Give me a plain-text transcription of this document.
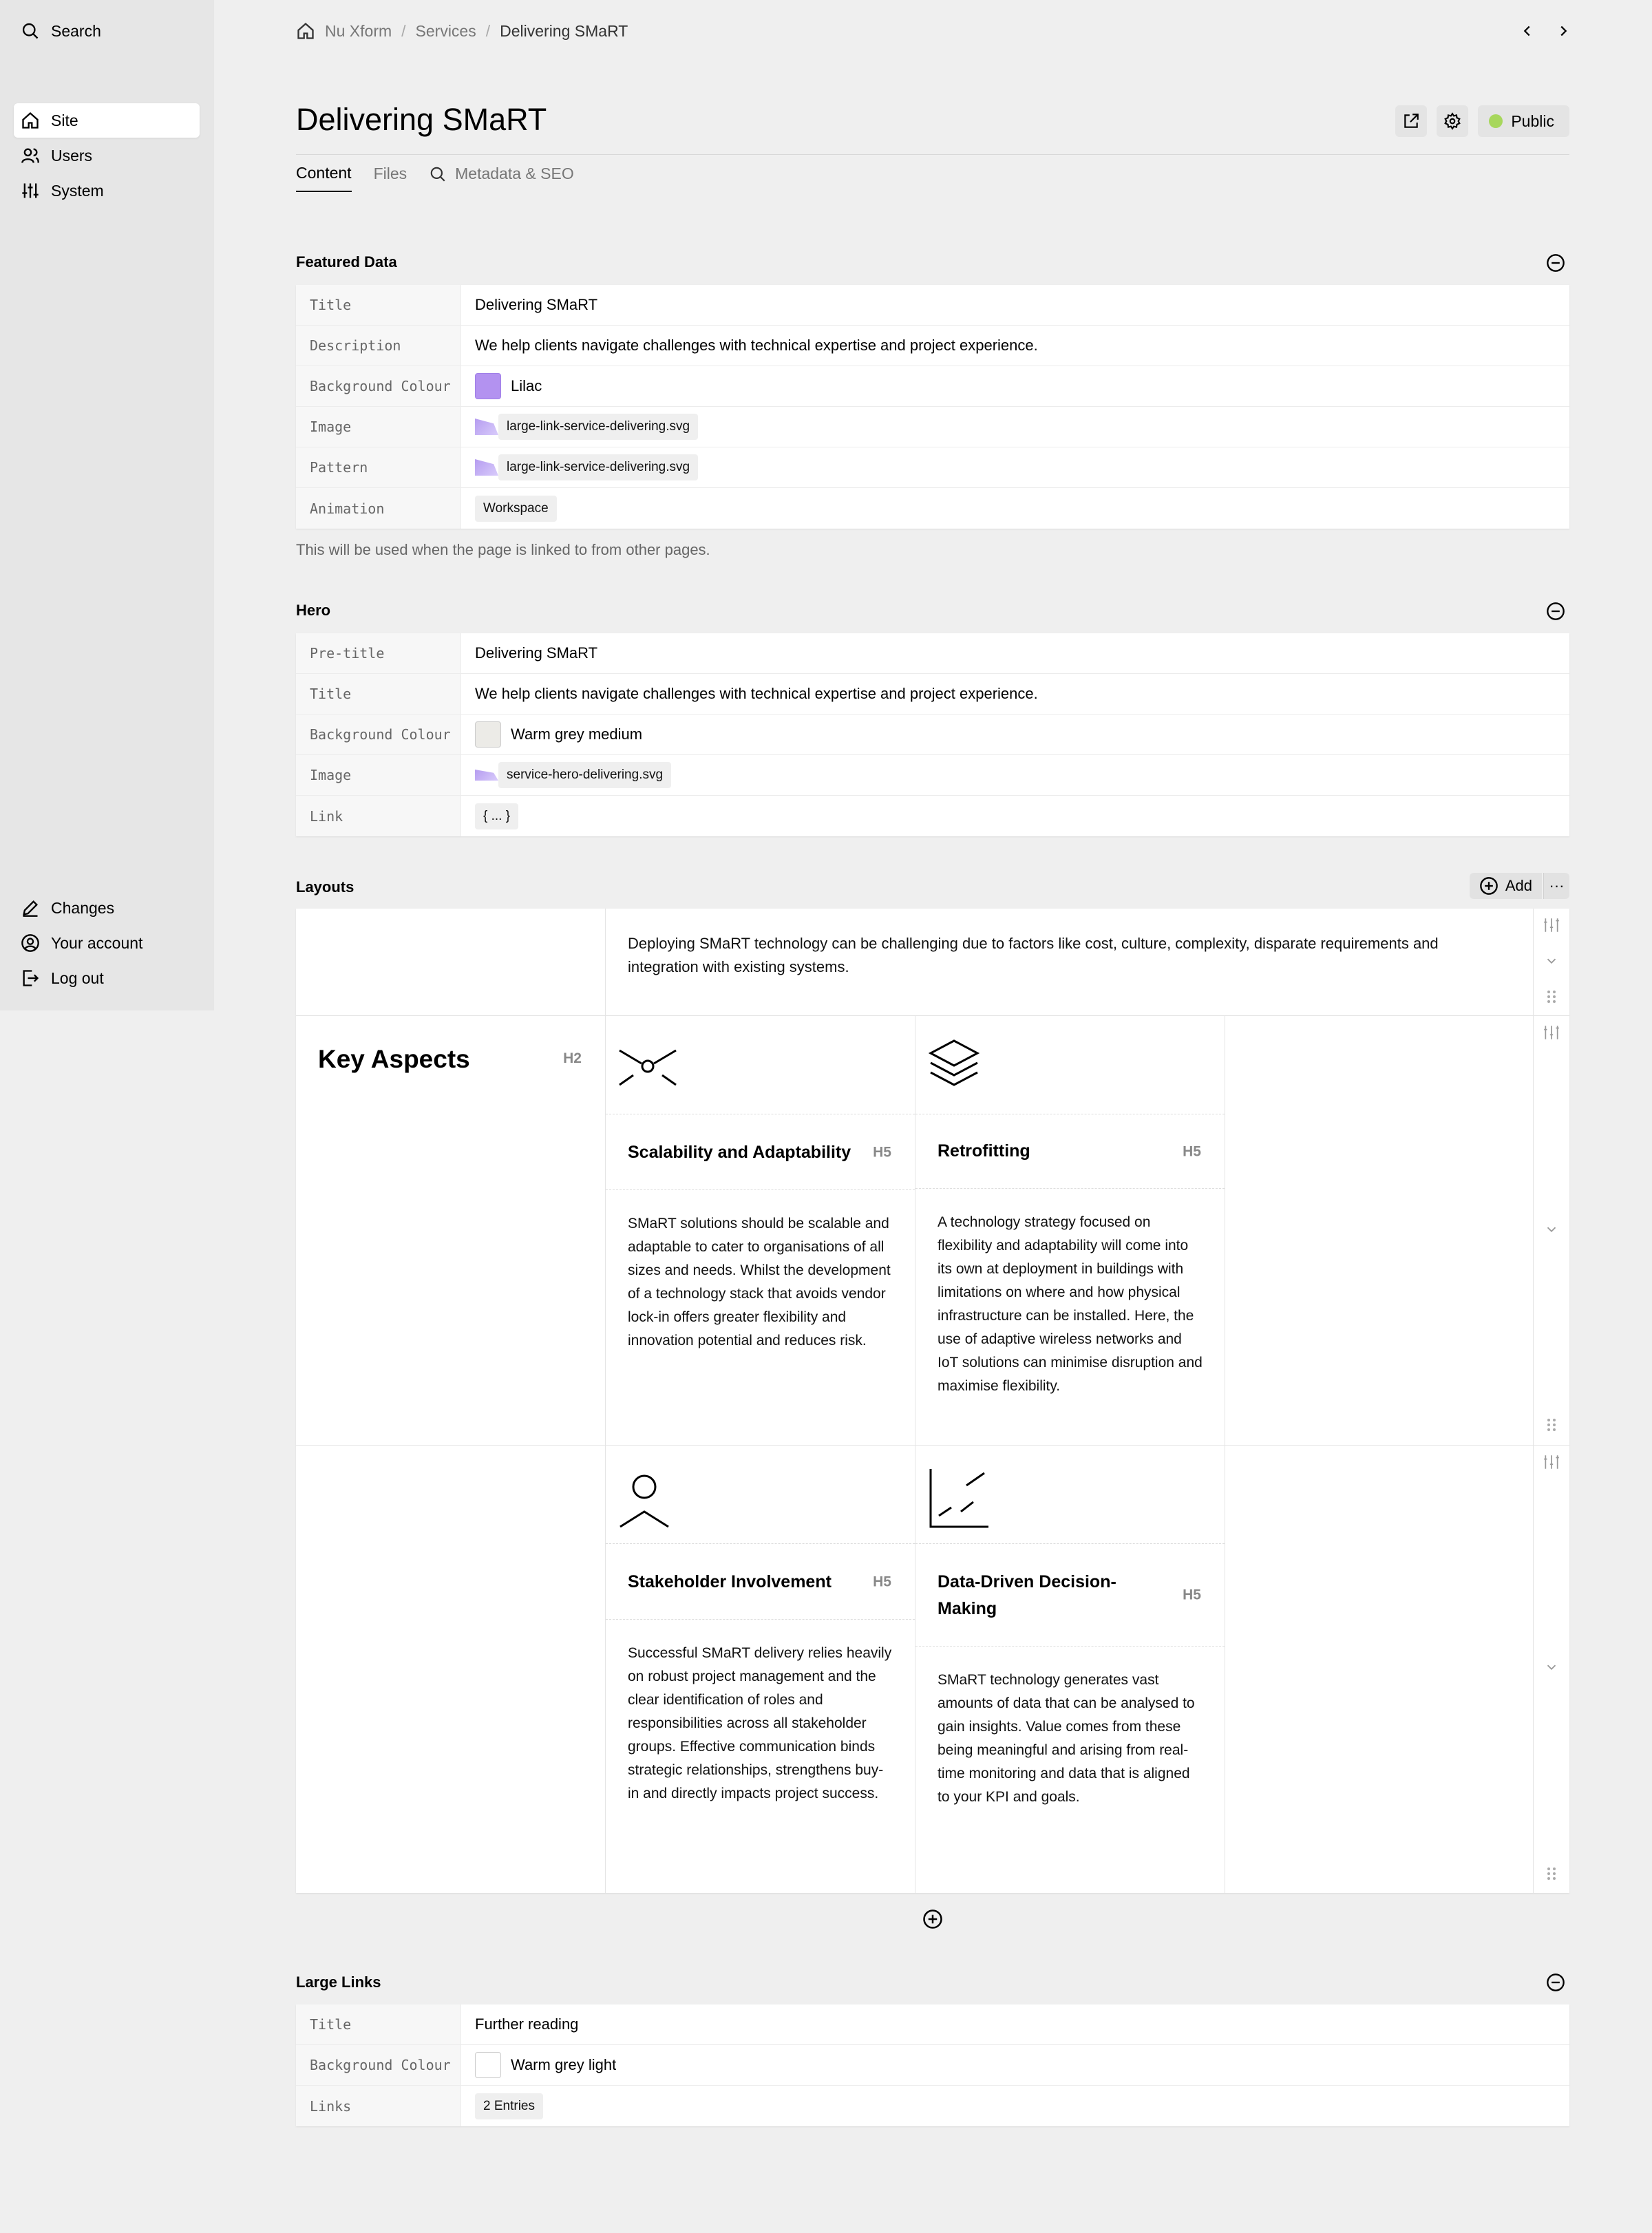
Search
Site
Users
System
Changes
Your account
Log out
Nu Xform / Services / Delivering SMaRT
Delivering SMaRT	Public
Content Files	Metadata & SEO
Featured Data
Title	Delivering SMaRT
Description	We help clients navigate challenges with technical expertise and project experience.
Background Colour	Lilac
Image	large-link-service-delivering.svg
Pattern	large-link-service-delivering.svg
Animation	Workspace
This will be used when the page is linked to from other pages.
Hero
Pre-title	Delivering SMaRT
Title	We help clients navigate challenges with technical expertise and project experience.
Background Colour	Warm grey medium
Image	service-hero-delivering.svg
Link	{ ... }
Layouts	Add ···
Deploying SMaRT technology can be challenging due to factors like cost, culture, complexity, disparate requirements and integration with existing systems.
Key Aspects	H2
Scalability and Adaptability H5
SMaRT solutions should be scalable and adaptable to cater to organisations of all sizes and needs. Whilst the development of a technology stack that avoids vendor lock-in offers greater flexibility and innovation potential and reduces risk.
Retrofitting	H5
A technology strategy focused on flexibility and adaptability will come into its own at deployment in buildings with limitations on where and how physical infrastructure can be installed. Here, the use of adaptive wireless networks and IoT solutions can minimise disruption and maximise flexibility.
Stakeholder Involvement	H5
Successful SMaRT delivery relies heavily on robust project management and the clear identification of roles and responsibilities across all stakeholder groups. Effective communication binds strategic relationships, strengthens buy-in and directly impacts project success.
Data-Driven Decision-Making
H5
SMaRT technology generates vast amounts of data that can be analysed to gain insights. Value comes from these being meaningful and arising from real-time monitoring and data that is aligned to your KPI and goals.
Large Links
Title	Further reading
Background Colour	Warm grey light
Links	2 Entries
